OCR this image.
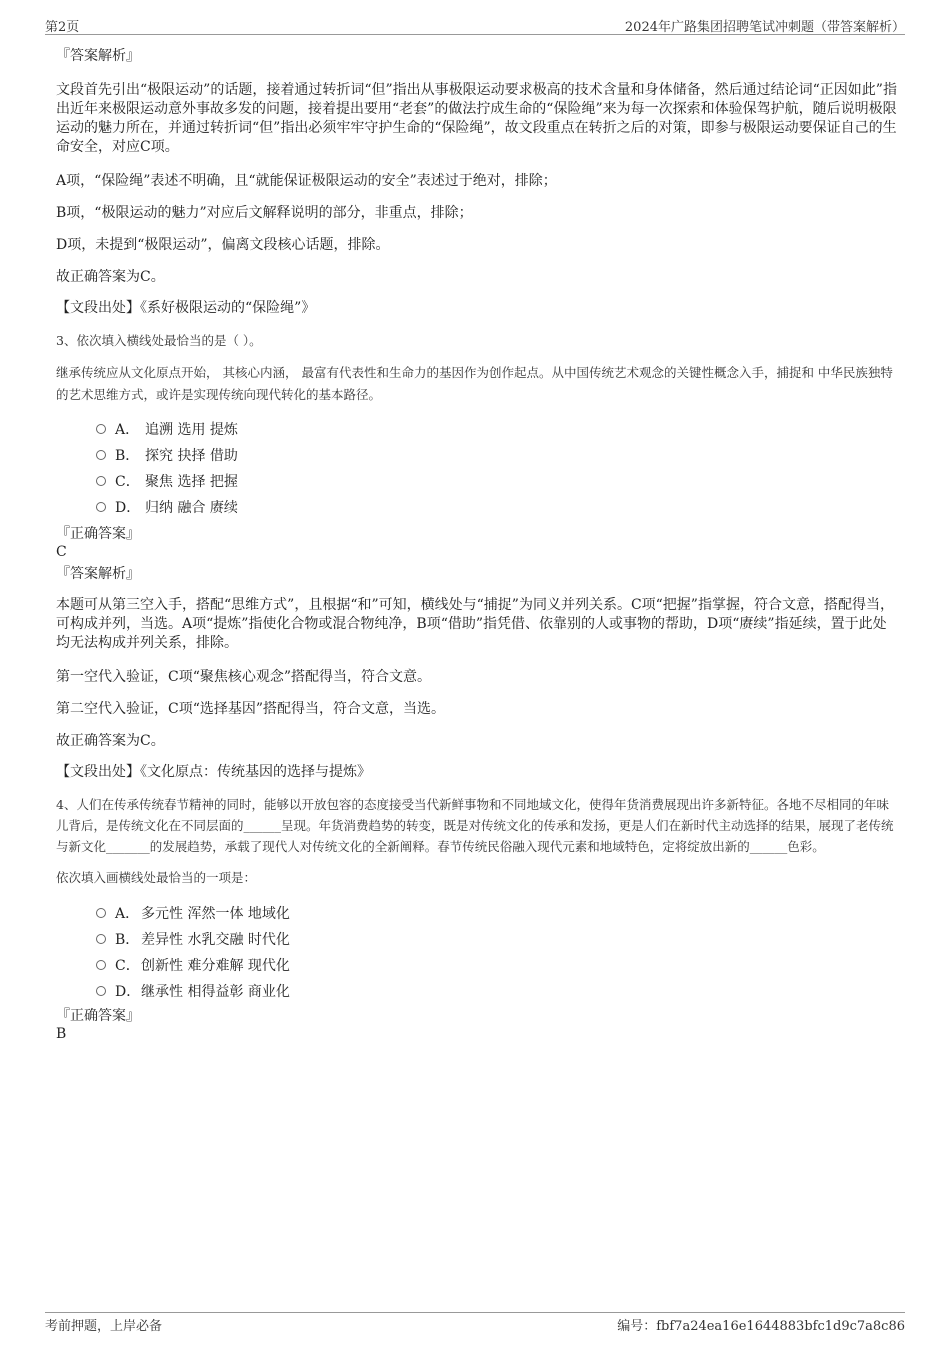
第2页	2024年广路集团招聘笔试冲刺题（带答案解析）

『答案解析』

文段首先引出“极限运动”的话题，接着通过转折词“但”指出从事极限运动要求极高的技术含量和身体储备，然后通过结论词“正因如此”指出近年来极限运动意外事故多发的问题，接着提出要用“老套”的做法拧成生命的“保险绳”来为每一次探索和体验保驾护航，随后说明极限运动的魅力所在，并通过转折词“但”指出必须牢牢守护生命的“保险绳”，故文段重点在转折之后的对策，即参与极限运动要保证自己的生命安全，对应C项。

A项，“保险绳”表述不明确，且“就能保证极限运动的安全”表述过于绝对，排除；

B项，“极限运动的魅力”对应后文解释说明的部分，非重点，排除；

D项，未提到“极限运动”，偏离文段核心话题，排除。

故正确答案为C。

【文段出处】《系好极限运动的“保险绳”》

3、依次填入横线处最恰当的是（ ）。

继承传统应从文化原点开始， 其核心内涵， 最富有代表性和生命力的基因作为创作起点。从中国传统艺术观念的关键性概念入手，捕捉和 中华民族独特的艺术思维方式，或许是实现传统向现代转化的基本路径。

A． 追溯 选用 提炼
B． 探究 抉择 借助
C． 聚焦 选择 把握
D． 归纳 融合 赓续

『正确答案』

C

『答案解析』

本题可从第三空入手，搭配“思维方式”，且根据“和”可知，横线处与“捕捉”为同义并列关系。C项“把握”指掌握，符合文意，搭配得当，可构成并列，当选。A项“提炼”指使化合物或混合物纯净，B项“借助”指凭借、依靠别的人或事物的帮助，D项“赓续”指延续，置于此处均无法构成并列关系，排除。

第一空代入验证，C项“聚焦核心观念”搭配得当，符合文意。

第二空代入验证，C项“选择基因”搭配得当，符合文意，当选。

故正确答案为C。

【文段出处】《文化原点：传统基因的选择与提炼》

4、人们在传承传统春节精神的同时，能够以开放包容的态度接受当代新鲜事物和不同地域文化，使得年货消费展现出许多新特征。各地不尽相同的年味儿背后，是传统文化在不同层面的______呈现。年货消费趋势的转变，既是对传统文化的传承和发扬，更是人们在新时代主动选择的结果，展现了老传统与新文化_______的发展趋势，承载了现代人对传统文化的全新阐释。春节传统民俗融入现代元素和地域特色，定将绽放出新的______色彩。

依次填入画横线处最恰当的一项是：

A． 多元性 浑然一体 地域化
B． 差异性 水乳交融 时代化
C．创新性 难分难解 现代化
D．继承性 相得益彰 商业化

『正确答案』

B

考前押题，上岸必备	编号：fbf7a24ea16e1644883bfc1d9c7a8c86
